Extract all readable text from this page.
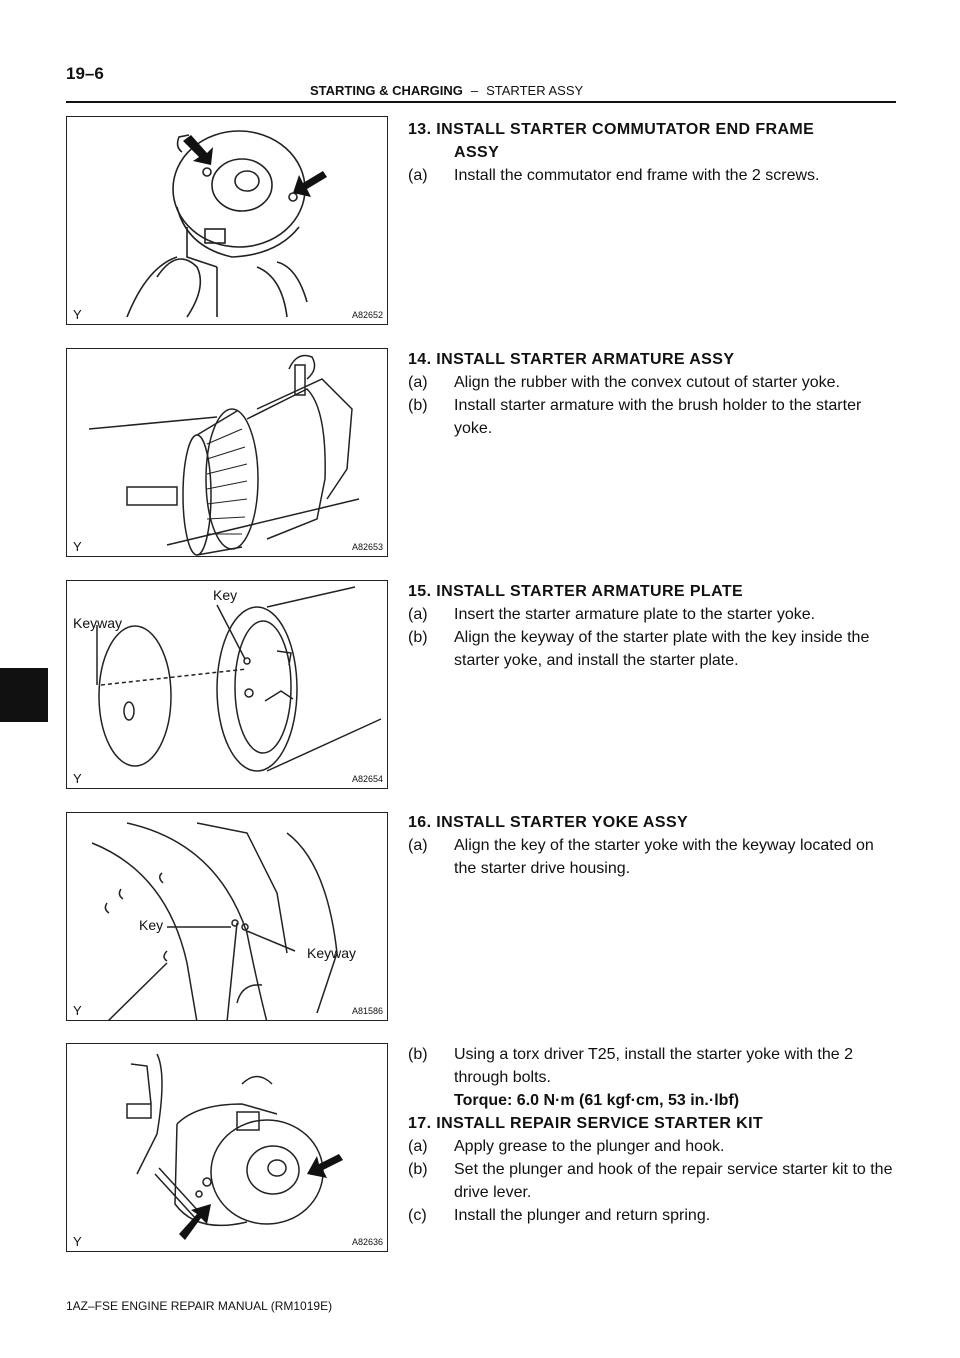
19–6
STARTING & CHARGING – STARTER ASSY
Y	A82652
Y	A82653
Key
Keyway
Y	A82654
Key
Keyway
Y	A81586
Y	A82636
13. INSTALL STARTER COMMUTATOR END FRAME
ASSY
(a)	Install the commutator end frame with the 2 screws.
14. INSTALL STARTER ARMATURE ASSY
(a)	Align the rubber with the convex cutout of starter yoke.
(b)	Install starter armature with the brush holder to the starter yoke.
15. INSTALL STARTER ARMATURE PLATE
(a)	Insert the starter armature plate to the starter yoke.
(b)	Align the keyway of the starter plate with the key inside the starter yoke, and install the starter plate.
16. INSTALL STARTER YOKE ASSY
(a)	Align the key of the starter yoke with the keyway located on the starter drive housing.
(b)	Using a torx driver T25, install the starter yoke with the 2 through bolts.
Torque: 6.0 N·m (61 kgf·cm, 53 in.·lbf)
17. INSTALL REPAIR SERVICE STARTER KIT
(a)	Apply grease to the plunger and hook.
(b)	Set the plunger and hook of the repair service starter kit to the drive lever.
(c)	Install the plunger and return spring.
1AZ–FSE ENGINE REPAIR MANUAL (RM1019E)
